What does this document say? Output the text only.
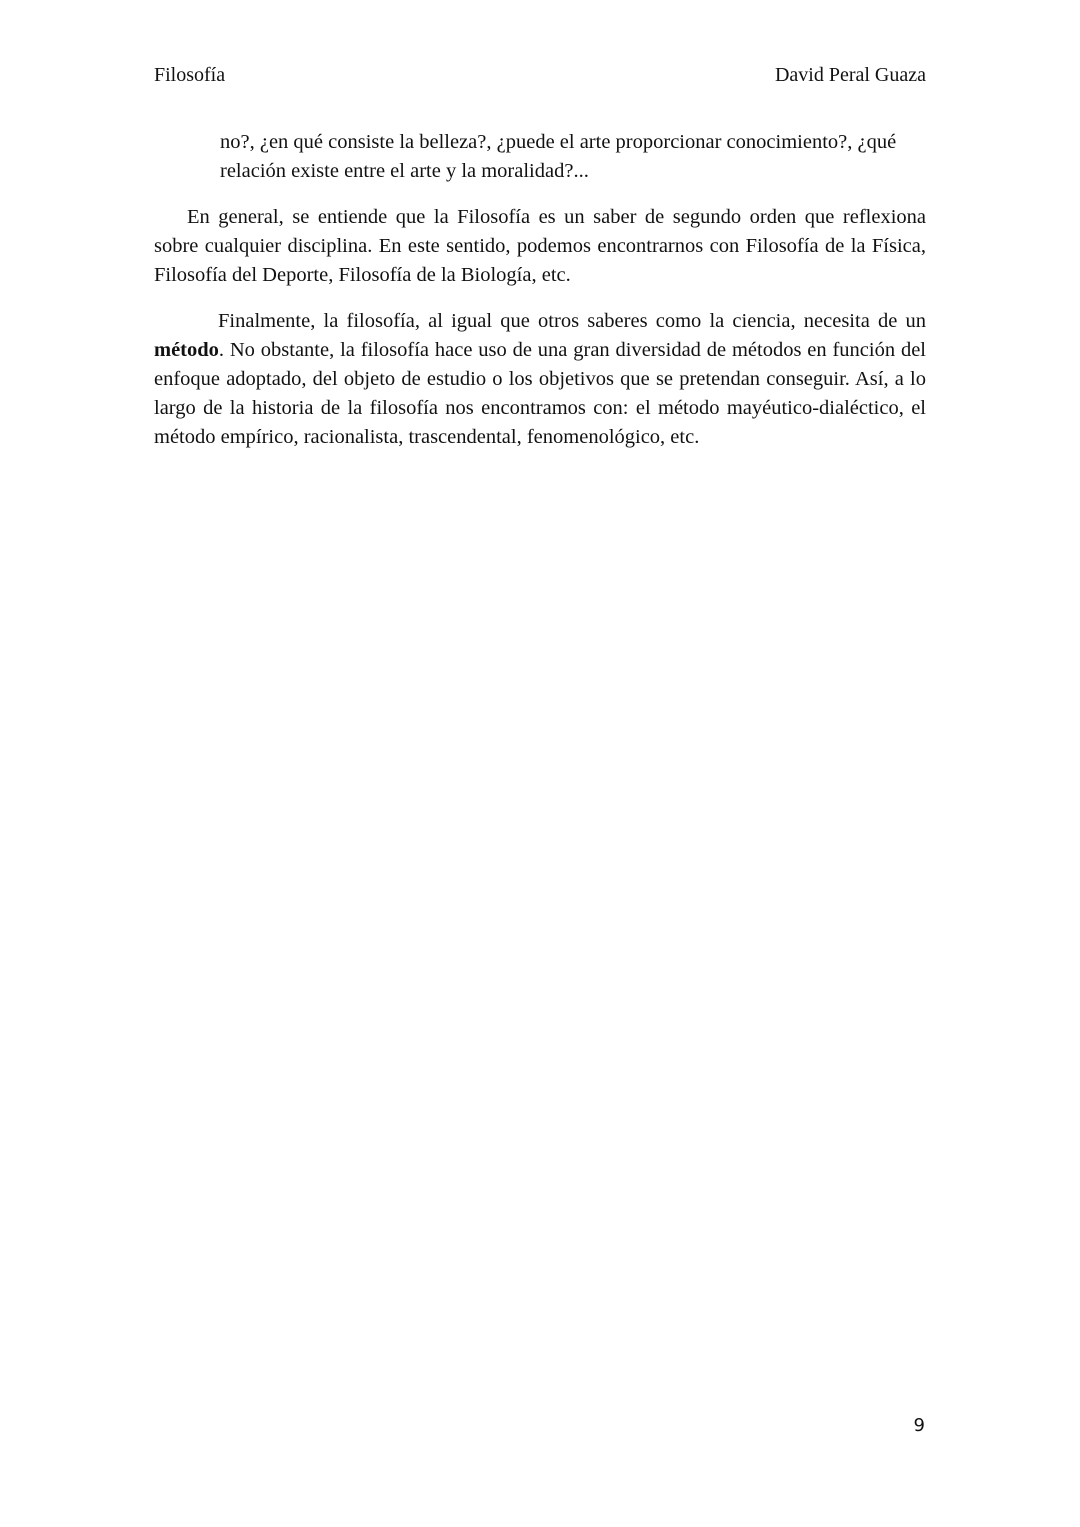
Filosofía	David Peral Guaza

no?, ¿en qué consiste la belleza?, ¿puede el arte proporcionar conocimiento?, ¿qué relación existe entre el arte y la moralidad?...

En general, se entiende que la Filosofía es un saber de segundo orden que reflexiona sobre cualquier disciplina. En este sentido, podemos encontrarnos con Filosofía de la Física, Filosofía del Deporte, Filosofía de la Biología, etc.

Finalmente, la filosofía, al igual que otros saberes como la ciencia, necesita de un método. No obstante, la filosofía hace uso de una gran diversidad de métodos en función del enfoque adoptado, del objeto de estudio o los objetivos que se pretendan conseguir. Así, a lo largo de la historia de la filosofía nos encontramos con: el método mayéutico-dialéctico, el método empírico, racionalista, trascendental, fenomenológico, etc.

9
